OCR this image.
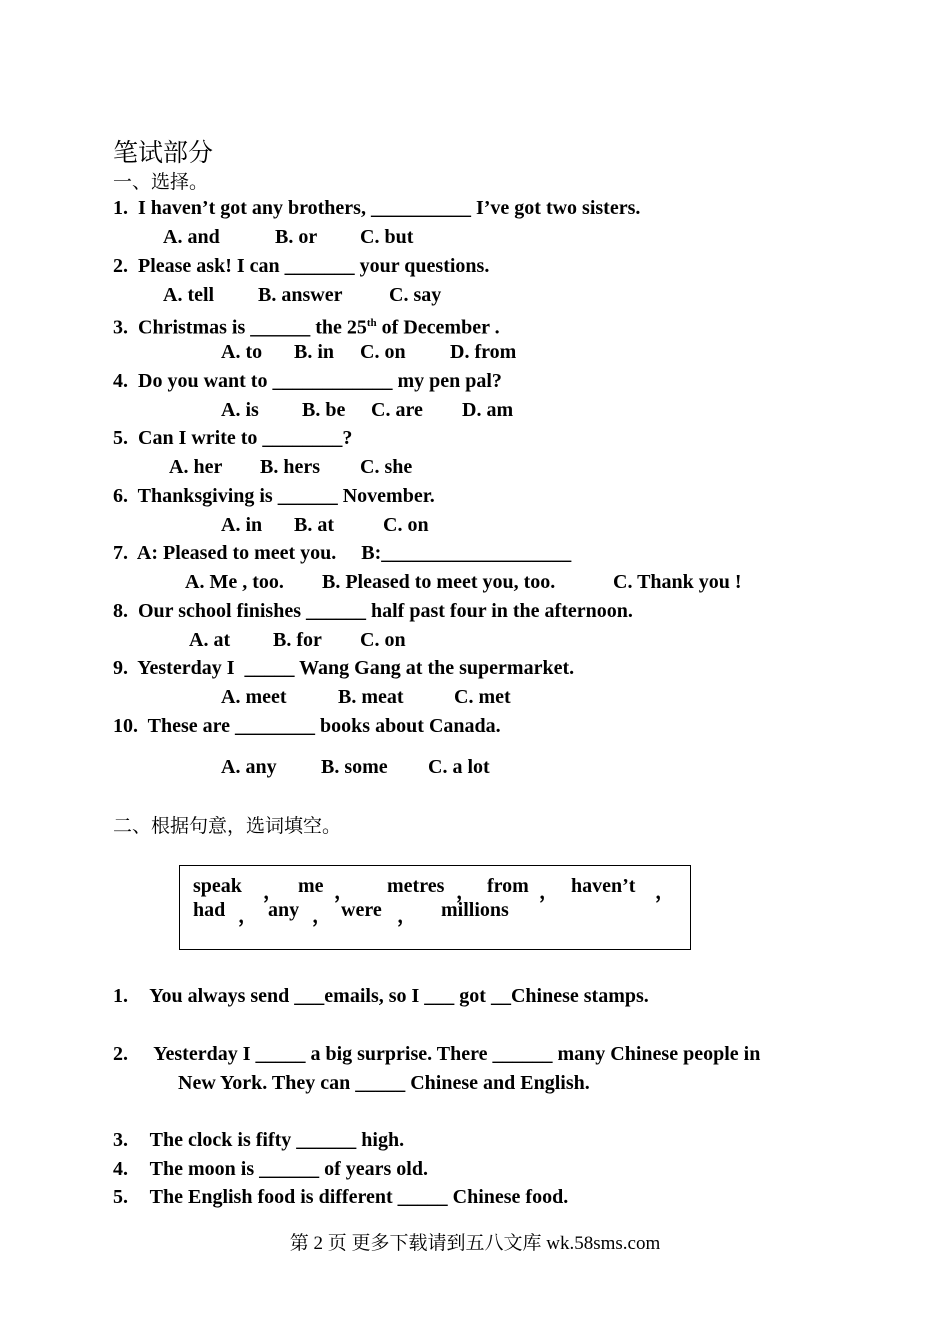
笔试部分
一、选择。
1. I haven’t got any brothers, __________ I’ve got two sisters.
A. and	B. or C. but
2. Please ask! I can _______ your questions.
A. tell B. answer C. say
3. Christmas is ______ the 25th of December .
A. to B. in C. on D. from
4. Do you want to ____________ my pen pal?
A. is B. be C. are D. am
5. Can I write to ________?
A. her B. hers C. she
6. Thanksgiving is ______ November.
A. in B. at C. on
7. A: Pleased to meet you.     B:___________________
A. Me , too. B. Pleased to meet you, too.	C. Thank you !
8. Our school finishes ______ half past four in the afternoon.
A. at B. for C. on
9. Yesterday I  _____ Wang Gang at the supermarket.
A. meet	B. meat	C. met
10. These are ________ books about Canada.
A. any B. some C. a lot
二、根据句意，选词填空。
speak ， me ， metres ， from ， haven’t ，
had ， any ， were ， millions
1. You always send ___emails, so I ___ got __Chinese stamps.
2. Yesterday I _____ a big surprise. There ______ many Chinese people in
New York. They can _____ Chinese and English.
3. The clock is fifty ______ high.
4. The moon is ______ of years old.
5. The English food is different _____ Chinese food.
第 2 页 更多下载请到五八文库 wk.58sms.com
